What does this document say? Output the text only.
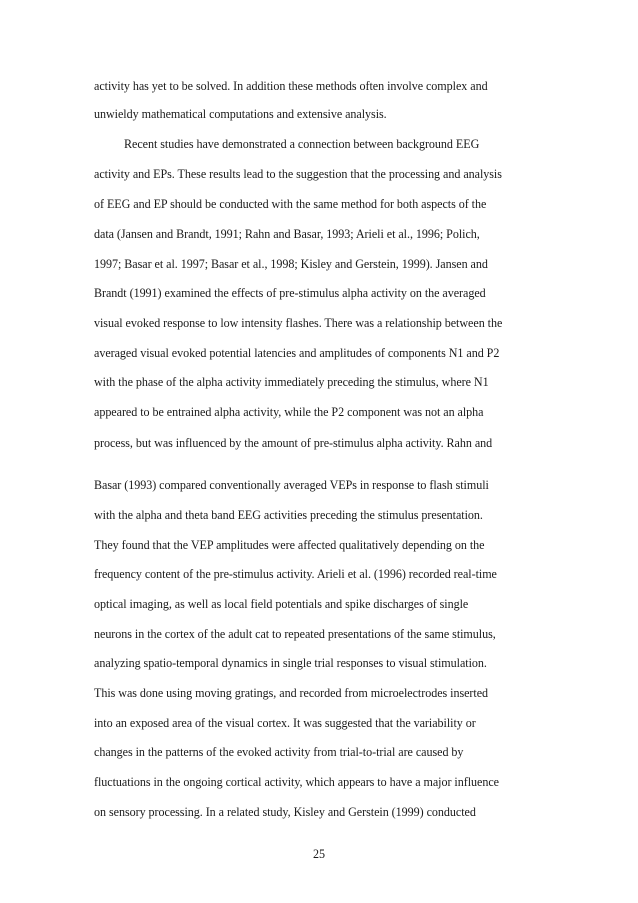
activity has yet to be solved. In addition these methods often involve complex and
unwieldy mathematical computations and extensive analysis.
Recent studies have demonstrated a connection between background EEG
activity and EPs. These results lead to the suggestion that the processing and analysis
of EEG and EP should be conducted with the same method for both aspects of the
data (Jansen and Brandt, 1991; Rahn and Basar, 1993; Arieli et al., 1996; Polich,
1997; Basar et al. 1997; Basar et al., 1998; Kisley and Gerstein, 1999). Jansen and
Brandt (1991) examined the effects of pre-stimulus alpha activity on the averaged
visual evoked response to low intensity flashes. There was a relationship between the
averaged visual evoked potential latencies and amplitudes of components N1 and P2
with the phase of the alpha activity immediately preceding the stimulus, where N1
appeared to be entrained alpha activity, while the P2 component was not an alpha
process, but was influenced by the amount of pre-stimulus alpha activity. Rahn and
Basar (1993) compared conventionally averaged VEPs in response to flash stimuli
with the alpha and theta band EEG activities preceding the stimulus presentation.
They found that the VEP amplitudes were affected qualitatively depending on the
frequency content of the pre-stimulus activity. Arieli et al. (1996) recorded real-time
optical imaging, as well as local field potentials and spike discharges of single
neurons in the cortex of the adult cat to repeated presentations of the same stimulus,
analyzing spatio-temporal dynamics in single trial responses to visual stimulation.
This was done using moving gratings, and recorded from microelectrodes inserted
into an exposed area of the visual cortex. It was suggested that the variability or
changes in the patterns of the evoked activity from trial-to-trial are caused by
fluctuations in the ongoing cortical activity, which appears to have a major influence
on sensory processing. In a related study, Kisley and Gerstein (1999) conducted
25
